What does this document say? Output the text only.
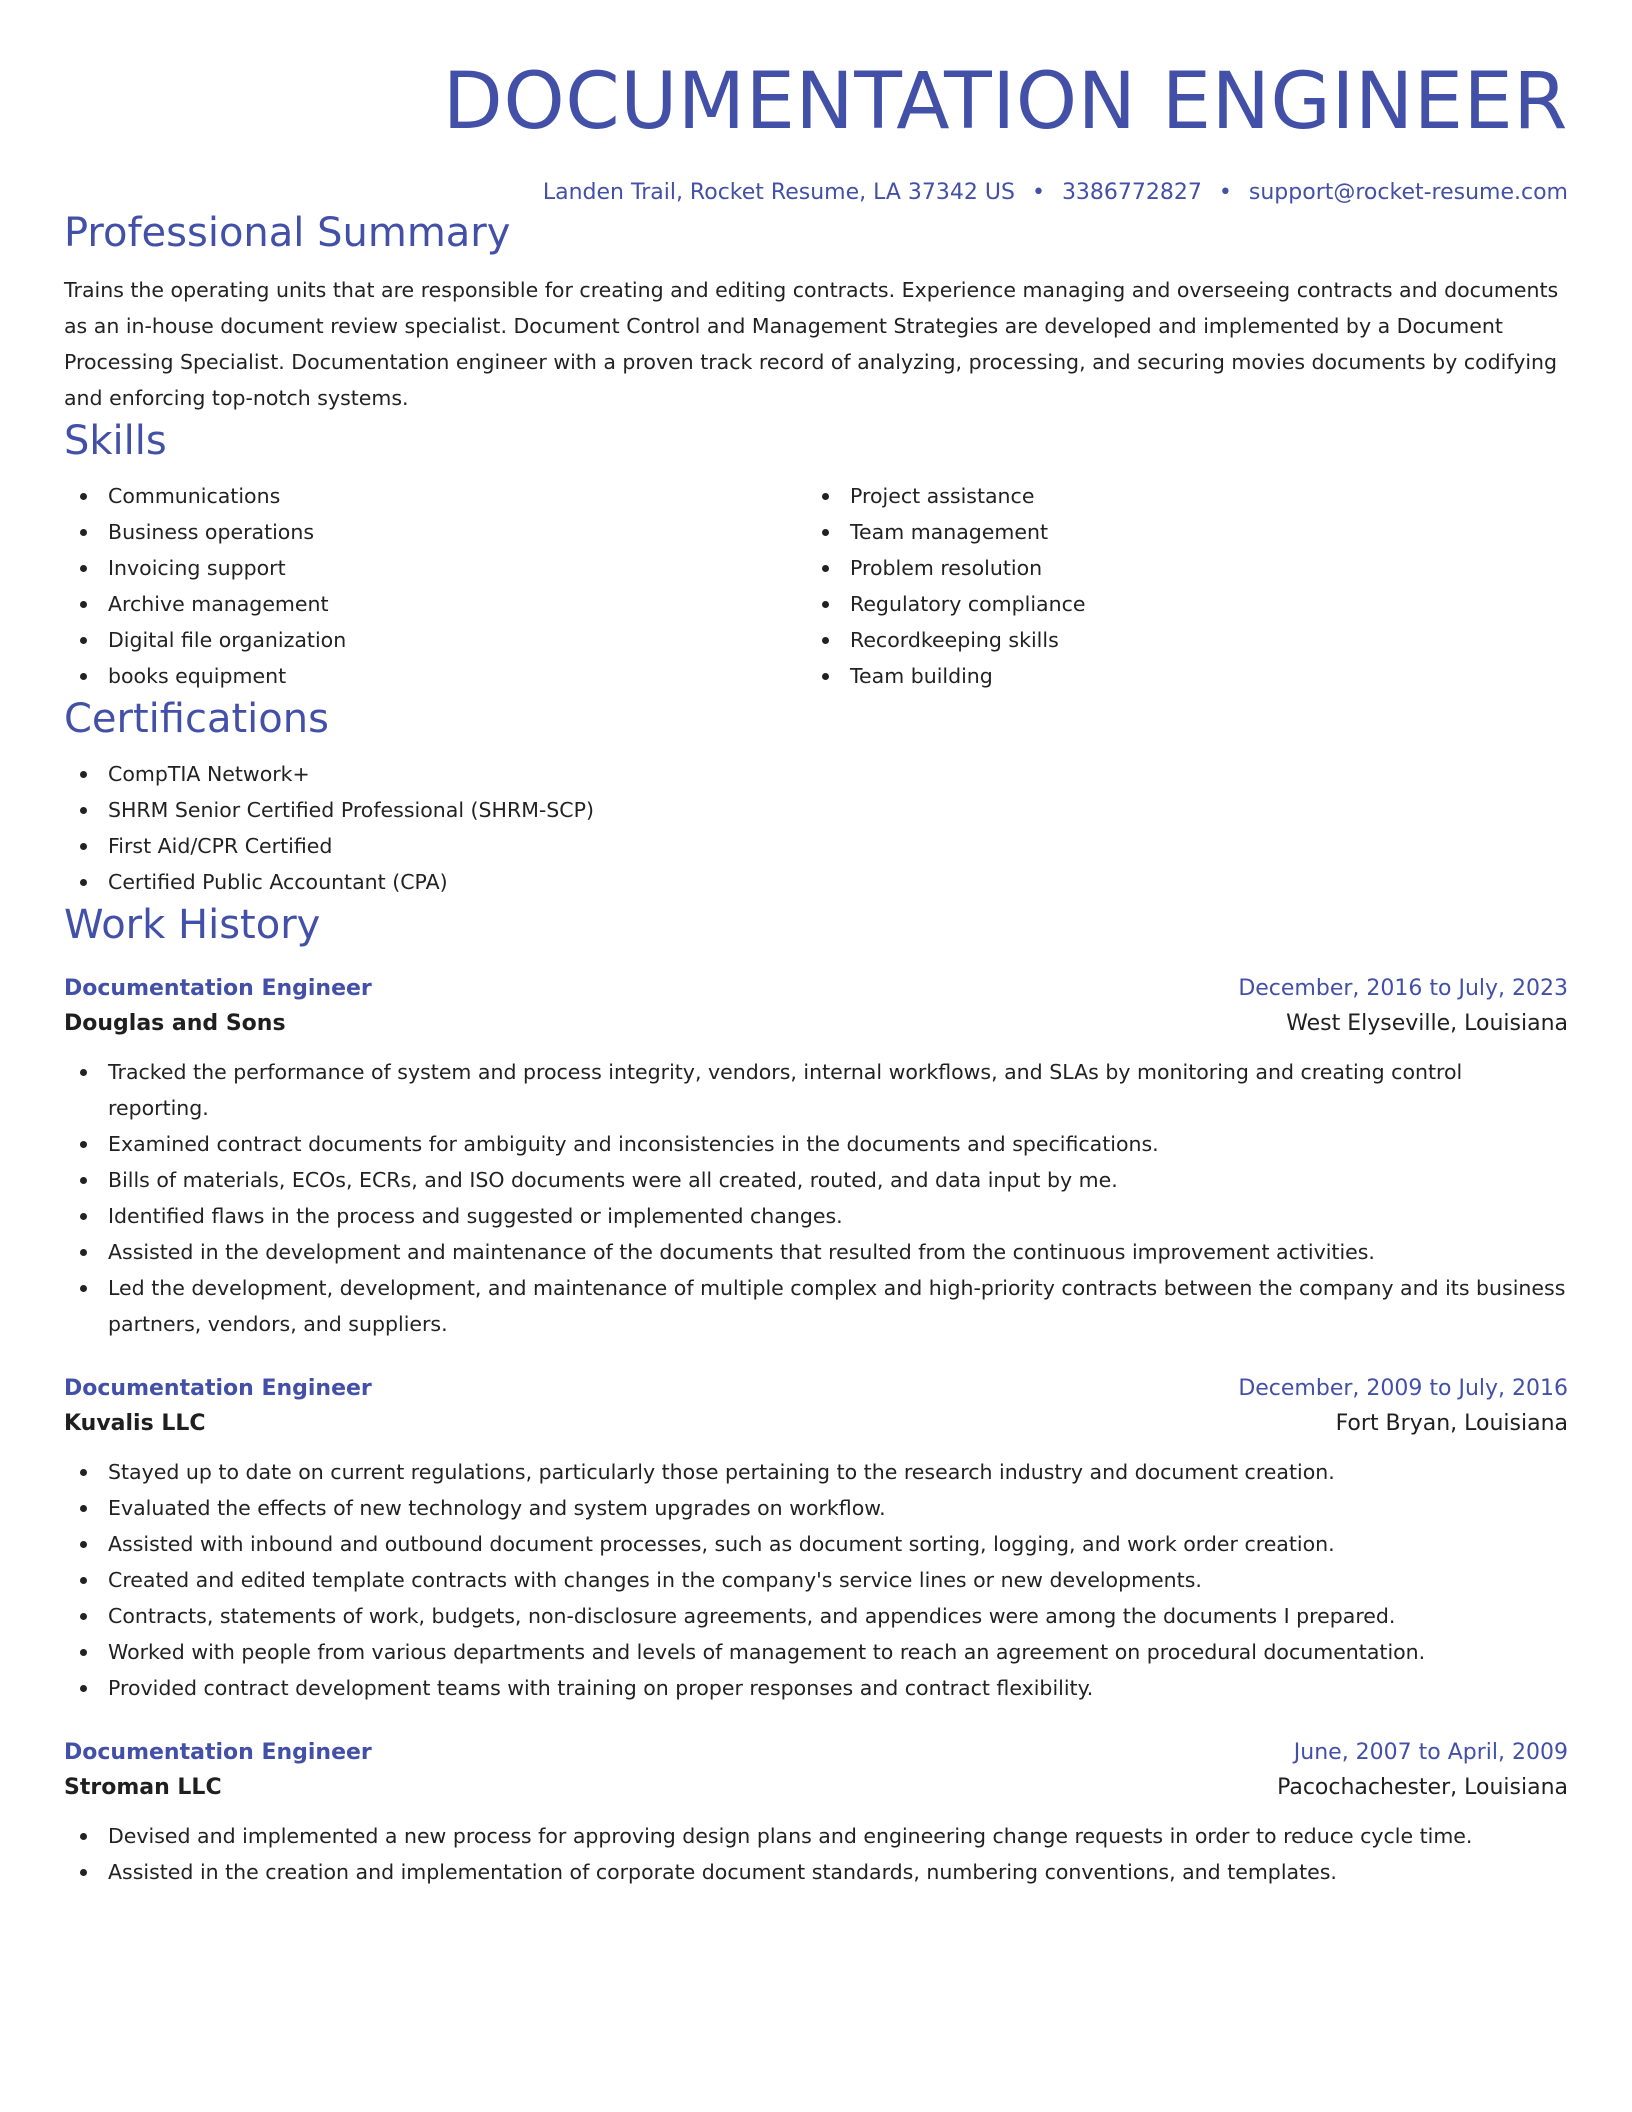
DOCUMENTATION ENGINEER
Landen Trail, Rocket Resume, LA 37342 US • 3386772827 • support@rocket-resume.com
Professional Summary
Trains the operating units that are responsible for creating and editing contracts. Experience managing and overseeing contracts and documents as an in-house document review specialist. Document Control and Management Strategies are developed and implemented by a Document Processing Specialist. Documentation engineer with a proven track record of analyzing, processing, and securing movies documents by codifying and enforcing top-notch systems.
Skills
Communications
Business operations
Invoicing support
Archive management
Digital file organization
books equipment
Project assistance
Team management
Problem resolution
Regulatory compliance
Recordkeeping skills
Team building
Certifications
CompTIA Network+
SHRM Senior Certified Professional (SHRM-SCP)
First Aid/CPR Certified
Certified Public Accountant (CPA)
Work History
Documentation Engineer	December, 2016 to July, 2023
Douglas and Sons	West Elyseville, Louisiana
Tracked the performance of system and process integrity, vendors, internal workflows, and SLAs by monitoring and creating control reporting.
Examined contract documents for ambiguity and inconsistencies in the documents and specifications.
Bills of materials, ECOs, ECRs, and ISO documents were all created, routed, and data input by me.
Identified flaws in the process and suggested or implemented changes.
Assisted in the development and maintenance of the documents that resulted from the continuous improvement activities.
Led the development, development, and maintenance of multiple complex and high-priority contracts between the company and its business partners, vendors, and suppliers.
Documentation Engineer	December, 2009 to July, 2016
Kuvalis LLC	Fort Bryan, Louisiana
Stayed up to date on current regulations, particularly those pertaining to the research industry and document creation.
Evaluated the effects of new technology and system upgrades on workflow.
Assisted with inbound and outbound document processes, such as document sorting, logging, and work order creation.
Created and edited template contracts with changes in the company's service lines or new developments.
Contracts, statements of work, budgets, non-disclosure agreements, and appendices were among the documents I prepared.
Worked with people from various departments and levels of management to reach an agreement on procedural documentation.
Provided contract development teams with training on proper responses and contract flexibility.
Documentation Engineer	June, 2007 to April, 2009
Stroman LLC	Pacochachester, Louisiana
Devised and implemented a new process for approving design plans and engineering change requests in order to reduce cycle time.
Assisted in the creation and implementation of corporate document standards, numbering conventions, and templates.
